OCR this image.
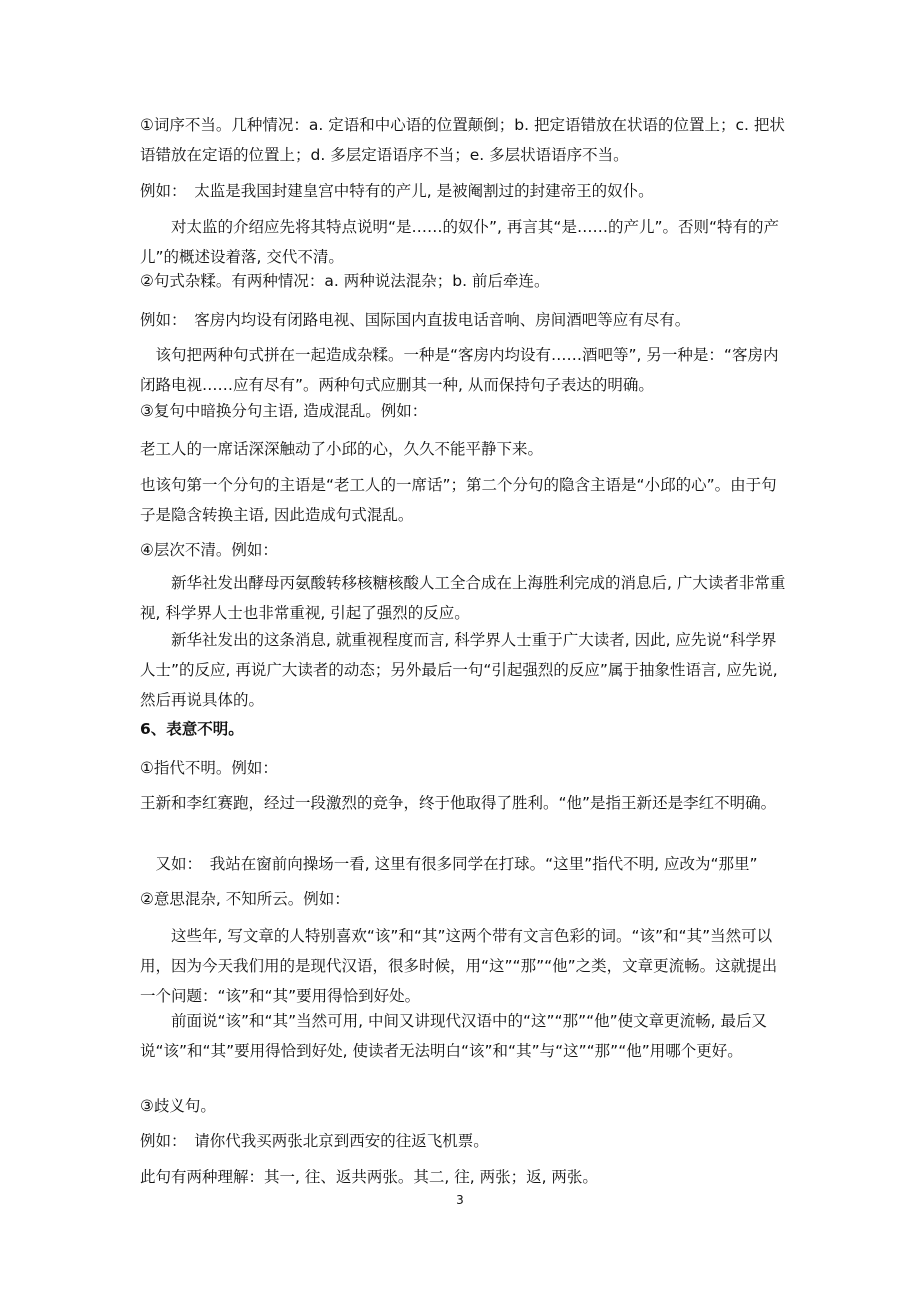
①词序不当。几种情况：a. 定语和中心语的位置颠倒；b. 把定语错放在状语的位置上；c. 把状语错放在定语的位置上；d. 多层定语语序不当；e. 多层状语语序不当。

例如：　太监是我国封建皇宫中特有的产儿, 是被阉割过的封建帝王的奴仆。

　　对太监的介绍应先将其特点说明“是……的奴仆”, 再言其“是……的产儿”。否则“特有的产儿”的概述设着落, 交代不清。

②句式杂糅。有两种情况：a. 两种说法混杂；b. 前后牵连。

例如：　客房内均设有闭路电视、国际国内直拔电话音响、房间酒吧等应有尽有。

　该句把两种句式拼在一起造成杂糅。一种是“客房内均设有……酒吧等”, 另一种是：“客房内闭路电视……应有尽有”。两种句式应删其一种, 从而保持句子表达的明确。

③复句中暗换分句主语, 造成混乱。例如：

老工人的一席话深深触动了小邱的心，久久不能平静下来。

也该句第一个分句的主语是“老工人的一席话”；第二个分句的隐含主语是“小邱的心”。由于句子是隐含转换主语, 因此造成句式混乱。

④层次不清。例如：

　　新华社发出酵母丙氨酸转移核糖核酸人工全合成在上海胜利完成的消息后, 广大读者非常重视, 科学界人士也非常重视, 引起了强烈的反应。

　　新华社发出的这条消息, 就重视程度而言, 科学界人士重于广大读者, 因此, 应先说“科学界人士”的反应, 再说广大读者的动态；另外最后一句“引起强烈的反应”属于抽象性语言, 应先说, 然后再说具体的。

6、表意不明。

①指代不明。例如：

王新和李红赛跑，经过一段激烈的竞争，终于他取得了胜利。“他”是指王新还是李红不明确。

　又如：　我站在窗前向操场一看, 这里有很多同学在打球。“这里”指代不明, 应改为“那里”

②意思混杂, 不知所云。例如：

　　这些年, 写文章的人特别喜欢“该”和“其”这两个带有文言色彩的词。“该”和“其”当然可以用，因为今天我们用的是现代汉语，很多时候，用“这”“那”“他”之类，文章更流畅。这就提出一个问题：“该”和“其”要用得恰到好处。

　　前面说“该”和“其”当然可用, 中间又讲现代汉语中的“这”“那”“他”使文章更流畅, 最后又说“该”和“其”要用得恰到好处, 使读者无法明白“该”和“其”与“这”“那”“他”用哪个更好。

③歧义句。

例如：　请你代我买两张北京到西安的往返飞机票。

此句有两种理解：其一, 往、返共两张。其二, 往, 两张；返, 两张。

3
